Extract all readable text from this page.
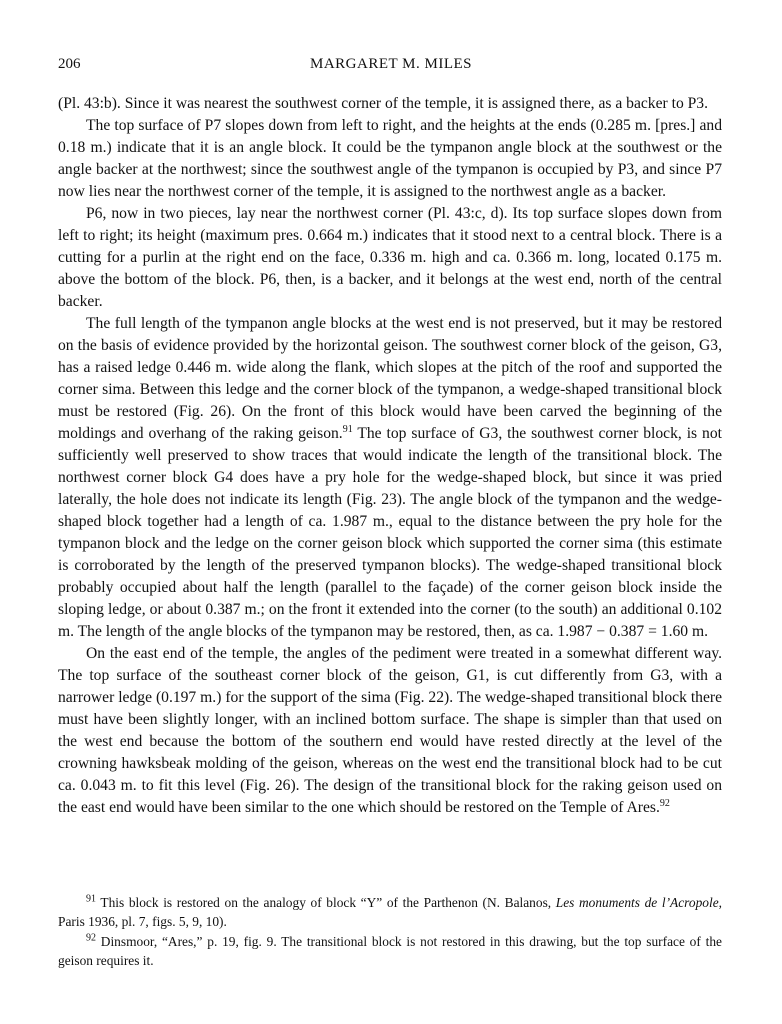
206	MARGARET M. MILES

(Pl. 43:b). Since it was nearest the southwest corner of the temple, it is assigned there, as a backer to P3.

The top surface of P7 slopes down from left to right, and the heights at the ends (0.285 m. [pres.] and 0.18 m.) indicate that it is an angle block. It could be the tympanon angle block at the southwest or the angle backer at the northwest; since the southwest angle of the tympanon is occupied by P3, and since P7 now lies near the northwest corner of the temple, it is assigned to the northwest angle as a backer.

P6, now in two pieces, lay near the northwest corner (Pl. 43:c, d). Its top surface slopes down from left to right; its height (maximum pres. 0.664 m.) indicates that it stood next to a central block. There is a cutting for a purlin at the right end on the face, 0.336 m. high and ca. 0.366 m. long, located 0.175 m. above the bottom of the block. P6, then, is a backer, and it belongs at the west end, north of the central backer.

The full length of the tympanon angle blocks at the west end is not preserved, but it may be restored on the basis of evidence provided by the horizontal geison. The southwest corner block of the geison, G3, has a raised ledge 0.446 m. wide along the flank, which slopes at the pitch of the roof and supported the corner sima. Between this ledge and the corner block of the tympanon, a wedge-shaped transitional block must be restored (Fig. 26). On the front of this block would have been carved the beginning of the moldings and overhang of the raking geison.$^{91}$ The top surface of G3, the southwest corner block, is not sufficiently well preserved to show traces that would indicate the length of the transitional block. The northwest corner block G4 does have a pry hole for the wedge-shaped block, but since it was pried laterally, the hole does not indicate its length (Fig. 23). The angle block of the tympanon and the wedge-shaped block together had a length of ca. 1.987 m., equal to the distance between the pry hole for the tympanon block and the ledge on the corner geison block which supported the corner sima (this estimate is corroborated by the length of the preserved tympanon blocks). The wedge-shaped transitional block probably occupied about half the length (parallel to the façade) of the corner geison block inside the sloping ledge, or about 0.387 m.; on the front it extended into the corner (to the south) an additional 0.102 m. The length of the angle blocks of the tympanon may be restored, then, as ca. 1.987 − 0.387 = 1.60 m.

On the east end of the temple, the angles of the pediment were treated in a somewhat different way. The top surface of the southeast corner block of the geison, G1, is cut differently from G3, with a narrower ledge (0.197 m.) for the support of the sima (Fig. 22). The wedge-shaped transitional block there must have been slightly longer, with an inclined bottom surface. The shape is simpler than that used on the west end because the bottom of the southern end would have rested directly at the level of the crowning hawksbeak molding of the geison, whereas on the west end the transitional block had to be cut ca. 0.043 m. to fit this level (Fig. 26). The design of the transitional block for the raking geison used on the east end would have been similar to the one which should be restored on the Temple of Ares.$^{92}$

$^{91}$ This block is restored on the analogy of block “Y” of the Parthenon (N. Balanos, Les monuments de l’Acropole, Paris 1936, pl. 7, figs. 5, 9, 10).

$^{92}$ Dinsmoor, “Ares,” p. 19, fig. 9. The transitional block is not restored in this drawing, but the top surface of the geison requires it.
